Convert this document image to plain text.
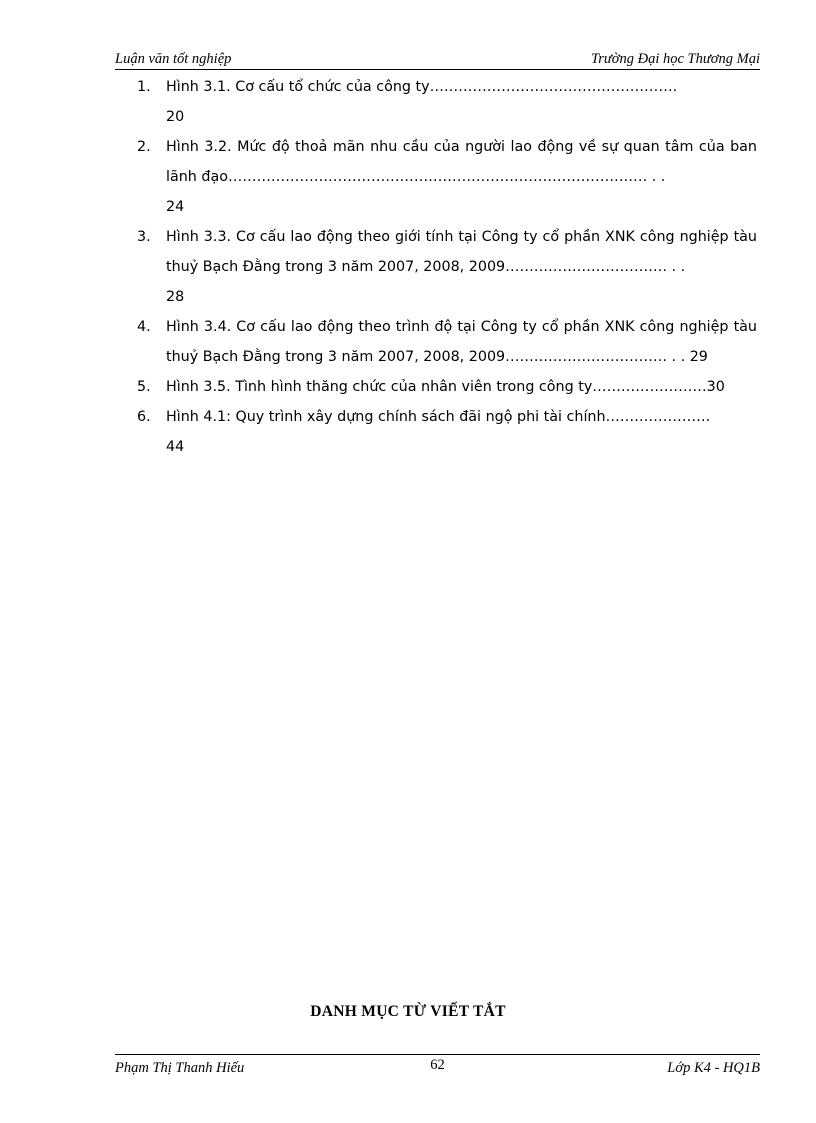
Luận văn tốt nghiệp	Trường Đại học Thương Mại
1. Hình 3.1. Cơ cấu tổ chức của công ty…………………………………………….
20
2. Hình 3.2. Mức độ thoả mãn nhu cầu của người lao động về sự quan tâm của ban lãnh đạo……………………………………………………………………………. . .
24
3. Hình 3.3. Cơ cấu lao động theo giới tính tại Công ty cổ phần XNK công nghiệp tàu thuỷ Bạch Đằng trong 3 năm 2007, 2008, 2009……………………………. . .
28
4. Hình 3.4. Cơ cấu lao động theo trình độ tại Công ty cổ phần XNK công nghiệp tàu thuỷ Bạch Đằng trong 3 năm 2007, 2008, 2009……………………………. . . 29
5. Hình 3.5. Tình hình thăng chức của nhân viên trong công ty……………………30
6. Hình 4.1: Quy trình xây dựng chính sách đãi ngộ phi tài chính………………….
44
DANH MỤC TỪ VIẾT TẮT
Phạm Thị Thanh Hiếu	62	Lớp K4 - HQ1B
